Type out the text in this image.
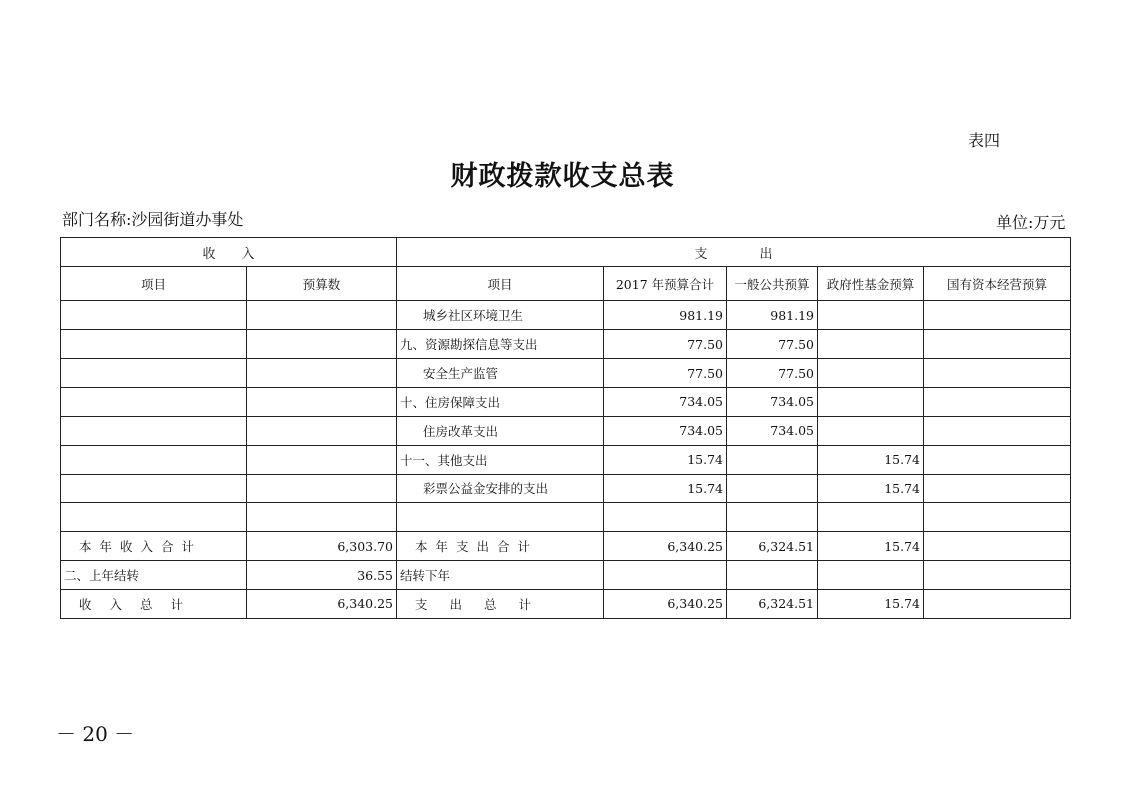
表四
财政拨款收支总表
部门名称:沙园街道办事处	单位:万元
收　　入		支　　　　出				
项目	预算数	项目	2017 年预算合计	一般公共预算	政府性基金预算	国有资本经营预算
		城乡社区环境卫生	981.19	981.19		
		九、资源勘探信息等支出	77.50	77.50		
		安全生产监管	77.50	77.50		
		十、住房保障支出	734.05	734.05		
		住房改革支出	734.05	734.05		
		十一、其他支出	15.74		15.74	
		彩票公益金安排的支出	15.74		15.74	

本年收入合计	6,303.70	本年支出合计	6,340.25	6,324.51	15.74	
二、上年结转	36.55	结转下年				
收入总计	6,340.25	支出总计	6,340.25	6,324.51	15.74	
－ 20 －
